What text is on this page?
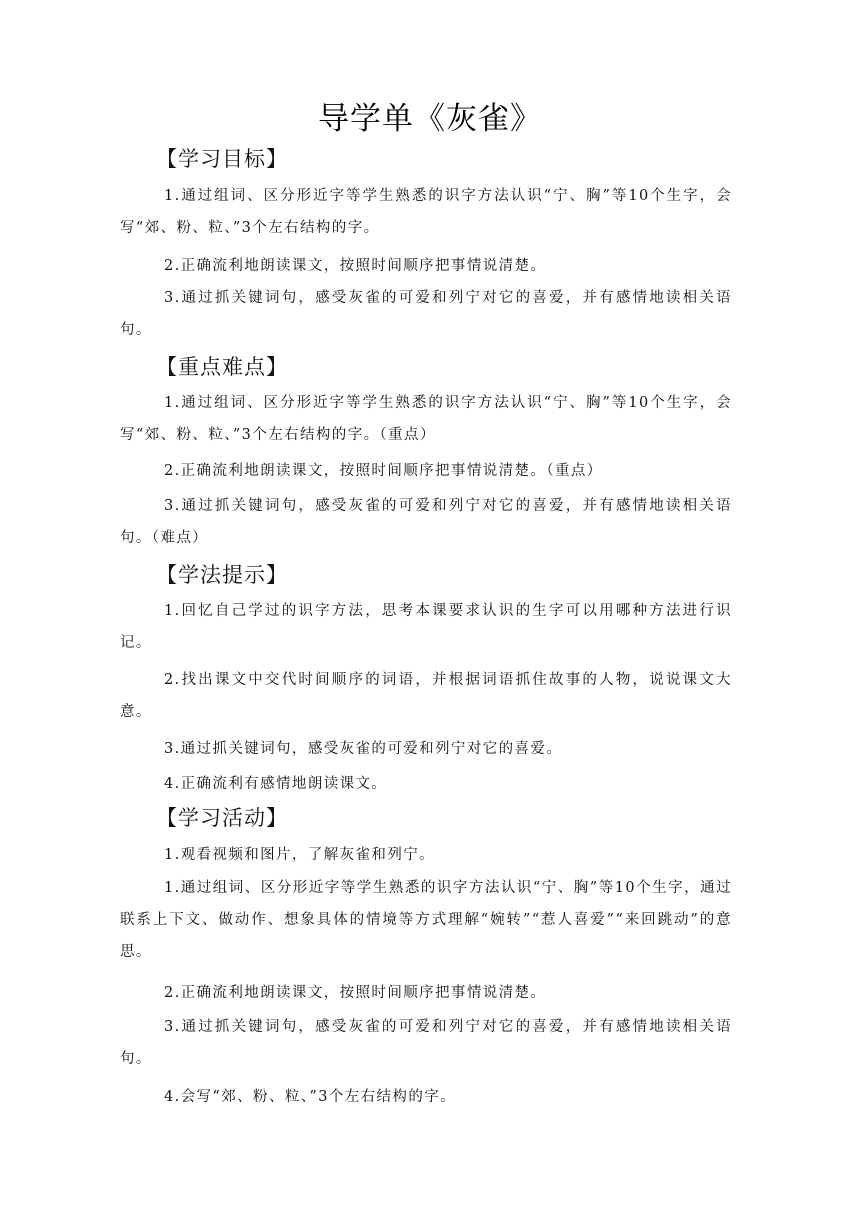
导学单《灰雀》
【学习目标】
1.通过组词、区分形近字等学生熟悉的识字方法认识“宁、胸”等10个生字，会写“郊、粉、粒、”3个左右结构的字。
2.正确流利地朗读课文，按照时间顺序把事情说清楚。
3.通过抓关键词句，感受灰雀的可爱和列宁对它的喜爱，并有感情地读相关语句。
【重点难点】
1.通过组词、区分形近字等学生熟悉的识字方法认识“宁、胸”等10个生字，会写“郊、粉、粒、”3个左右结构的字。（重点）
2.正确流利地朗读课文，按照时间顺序把事情说清楚。（重点）
3.通过抓关键词句，感受灰雀的可爱和列宁对它的喜爱，并有感情地读相关语句。（难点）
【学法提示】
1.回忆自己学过的识字方法，思考本课要求认识的生字可以用哪种方法进行识记。
2.找出课文中交代时间顺序的词语，并根据词语抓住故事的人物，说说课文大意。
3.通过抓关键词句，感受灰雀的可爱和列宁对它的喜爱。
4.正确流利有感情地朗读课文。
【学习活动】
1.观看视频和图片，了解灰雀和列宁。
1.通过组词、区分形近字等学生熟悉的识字方法认识“宁、胸”等10个生字，通过联系上下文、做动作、想象具体的情境等方式理解“婉转”“惹人喜爱”“来回跳动”的意思。
2.正确流利地朗读课文，按照时间顺序把事情说清楚。
3.通过抓关键词句，感受灰雀的可爱和列宁对它的喜爱，并有感情地读相关语句。
4.会写“郊、粉、粒、”3个左右结构的字。
